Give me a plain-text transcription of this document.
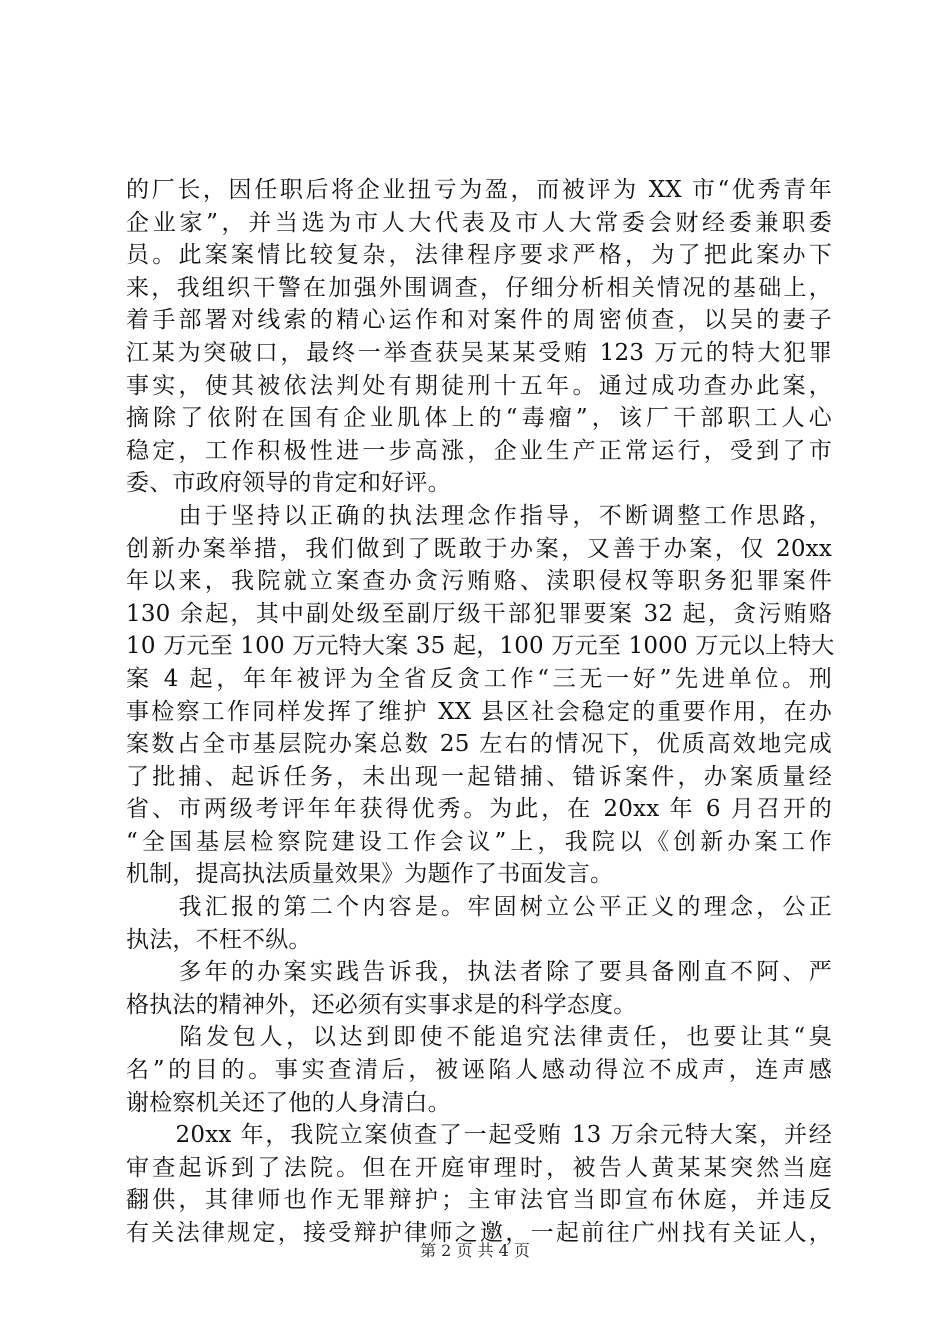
的厂长，因任职后将企业扭亏为盈，而被评为 XX 市“优秀青年
企业家”，并当选为市人大代表及市人大常委会财经委兼职委
员。此案案情比较复杂，法律程序要求严格，为了把此案办下
来，我组织干警在加强外围调查，仔细分析相关情况的基础上，
着手部署对线索的精心运作和对案件的周密侦查，以吴的妻子
江某为突破口，最终一举查获吴某某受贿 123 万元的特大犯罪
事实，使其被依法判处有期徒刑十五年。通过成功查办此案，
摘除了依附在国有企业肌体上的“毒瘤”，该厂干部职工人心
稳定，工作积极性进一步高涨，企业生产正常运行，受到了市
委、市政府领导的肯定和好评。
　　由于坚持以正确的执法理念作指导，不断调整工作思路，
创新办案举措，我们做到了既敢于办案，又善于办案，仅 20xx
年以来，我院就立案查办贪污贿赂、渎职侵权等职务犯罪案件
130 余起，其中副处级至副厅级干部犯罪要案 32 起，贪污贿赂
10 万元至 100 万元特大案 35 起，100 万元至 1000 万元以上特大
案 4 起，年年被评为全省反贪工作“三无一好”先进单位。刑
事检察工作同样发挥了维护 XX 县区社会稳定的重要作用，在办
案数占全市基层院办案总数 25 左右的情况下，优质高效地完成
了批捕、起诉任务，未出现一起错捕、错诉案件，办案质量经
省、市两级考评年年获得优秀。为此，在 20xx 年 6 月召开的
“全国基层检察院建设工作会议”上，我院以《创新办案工作
机制，提高执法质量效果》为题作了书面发言。
　　我汇报的第二个内容是。牢固树立公平正义的理念，公正
执法，不枉不纵。
　　多年的办案实践告诉我，执法者除了要具备刚直不阿、严
格执法的精神外，还必须有实事求是的科学态度。
　　陷发包人，以达到即使不能追究法律责任，也要让其“臭
名”的目的。事实查清后，被诬陷人感动得泣不成声，连声感
谢检察机关还了他的人身清白。
　　20xx 年，我院立案侦查了一起受贿 13 万余元特大案，并经
审查起诉到了法院。但在开庭审理时，被告人黄某某突然当庭
翻供，其律师也作无罪辩护；主审法官当即宣布休庭，并违反
有关法律规定，接受辩护律师之邀，一起前往广州找有关证人，
第 2 页 共 4 页
